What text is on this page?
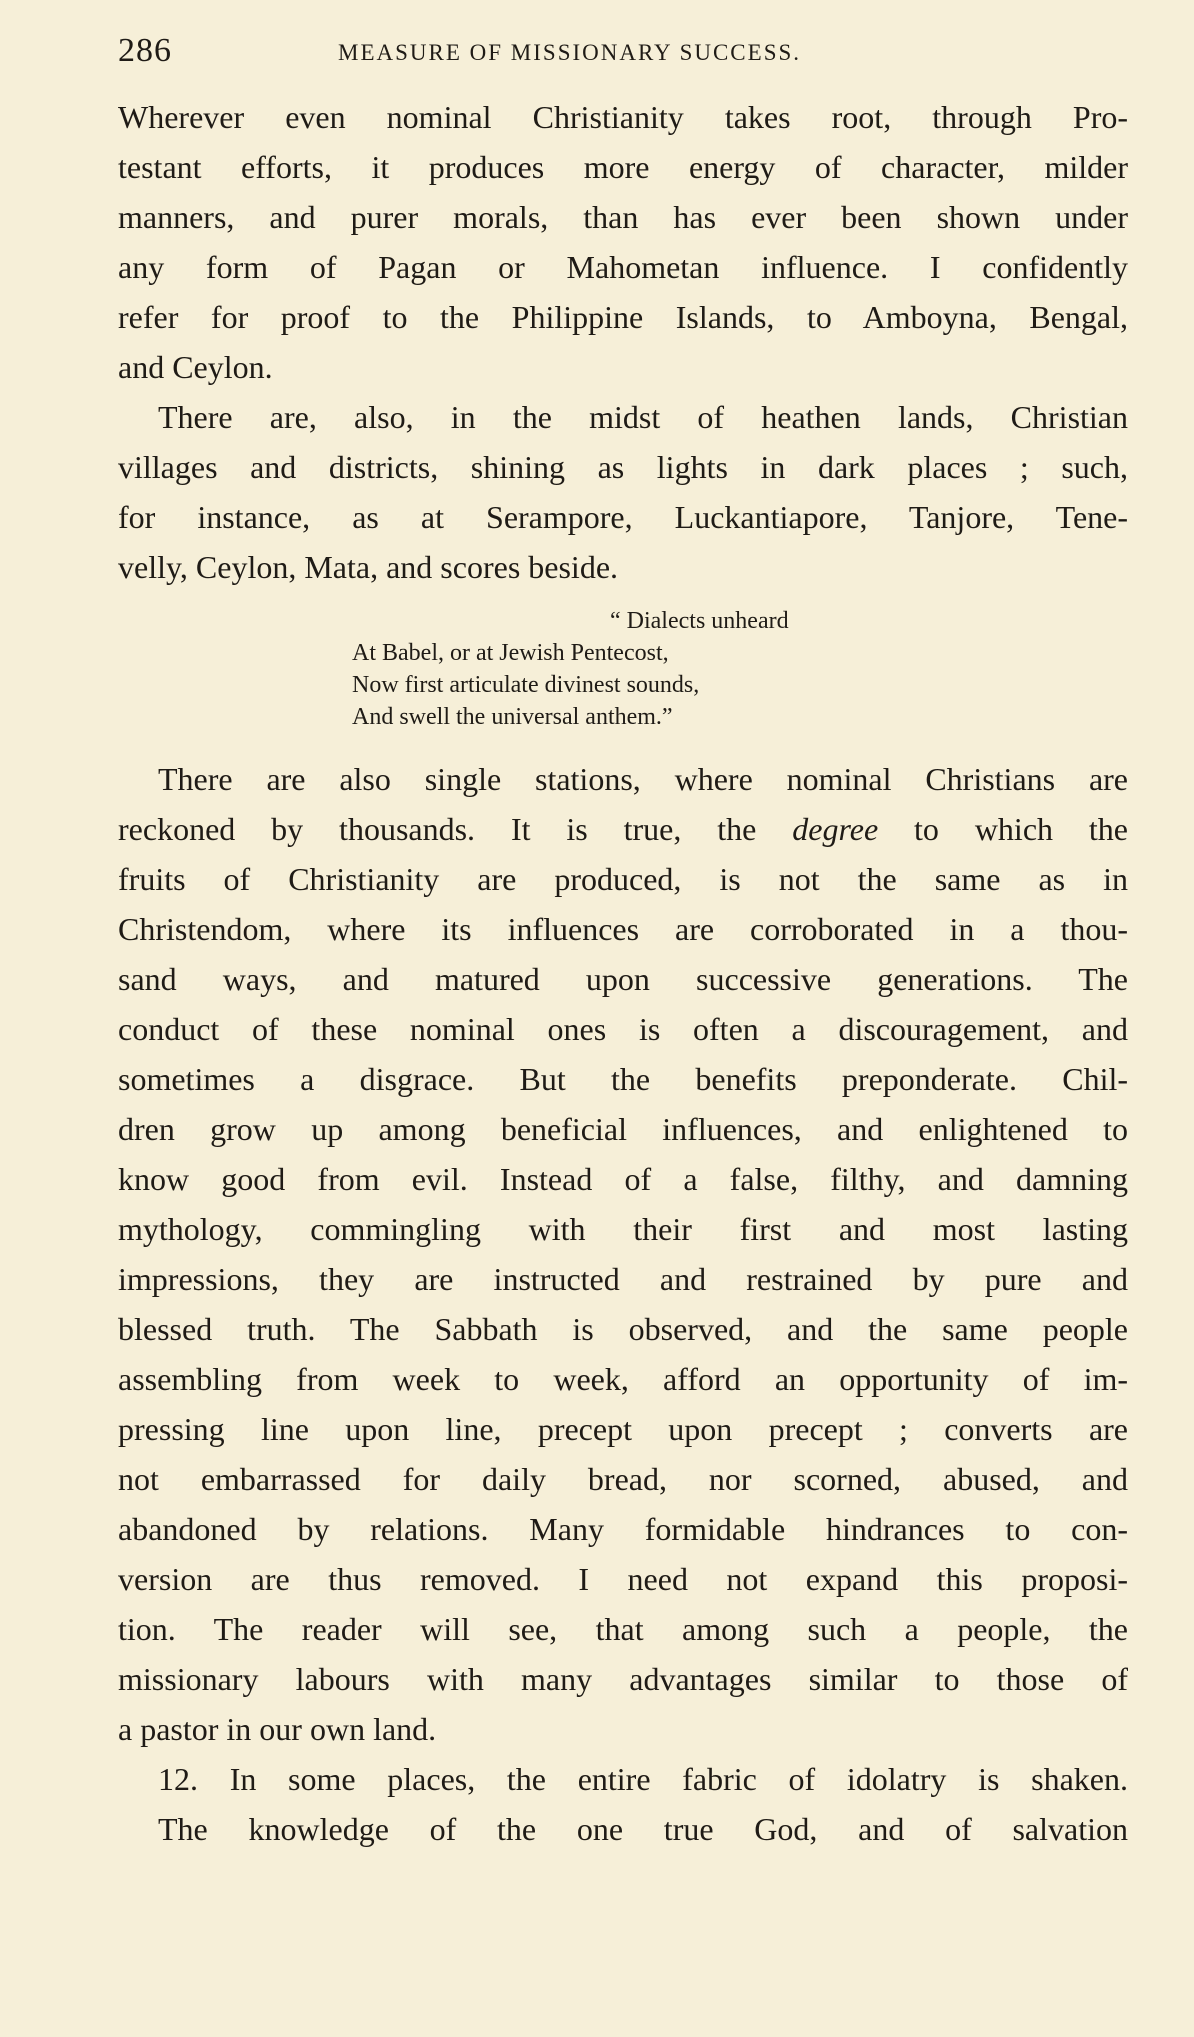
286	MEASURE OF MISSIONARY SUCCESS.
Wherever even nominal Christianity takes root, through Pro-
testant efforts, it produces more energy of character, milder
manners, and purer morals, than has ever been shown under
any form of Pagan or Mahometan influence. I confidently
refer for proof to the Philippine Islands, to Amboyna, Bengal,
and Ceylon.
There are, also, in the midst of heathen lands, Christian
villages and districts, shining as lights in dark places ; such,
for instance, as at Serampore, Luckantiapore, Tanjore, Tene-
velly, Ceylon, Mata, and scores beside.
“ Dialects unheard
At Babel, or at Jewish Pentecost,
Now first articulate divinest sounds,
And swell the universal anthem.”
There are also single stations, where nominal Christians are
reckoned by thousands. It is true, the degree to which the
fruits of Christianity are produced, is not the same as in
Christendom, where its influences are corroborated in a thou-
sand ways, and matured upon successive generations. The
conduct of these nominal ones is often a discouragement, and
sometimes a disgrace. But the benefits preponderate. Chil-
dren grow up among beneficial influences, and enlightened to
know good from evil. Instead of a false, filthy, and damning
mythology, commingling with their first and most lasting
impressions, they are instructed and restrained by pure and
blessed truth. The Sabbath is observed, and the same people
assembling from week to week, afford an opportunity of im-
pressing line upon line, precept upon precept ; converts are
not embarrassed for daily bread, nor scorned, abused, and
abandoned by relations. Many formidable hindrances to con-
version are thus removed. I need not expand this proposi-
tion. The reader will see, that among such a people, the
missionary labours with many advantages similar to those of
a pastor in our own land.
12. In some places, the entire fabric of idolatry is shaken.
The knowledge of the one true God, and of salvation
